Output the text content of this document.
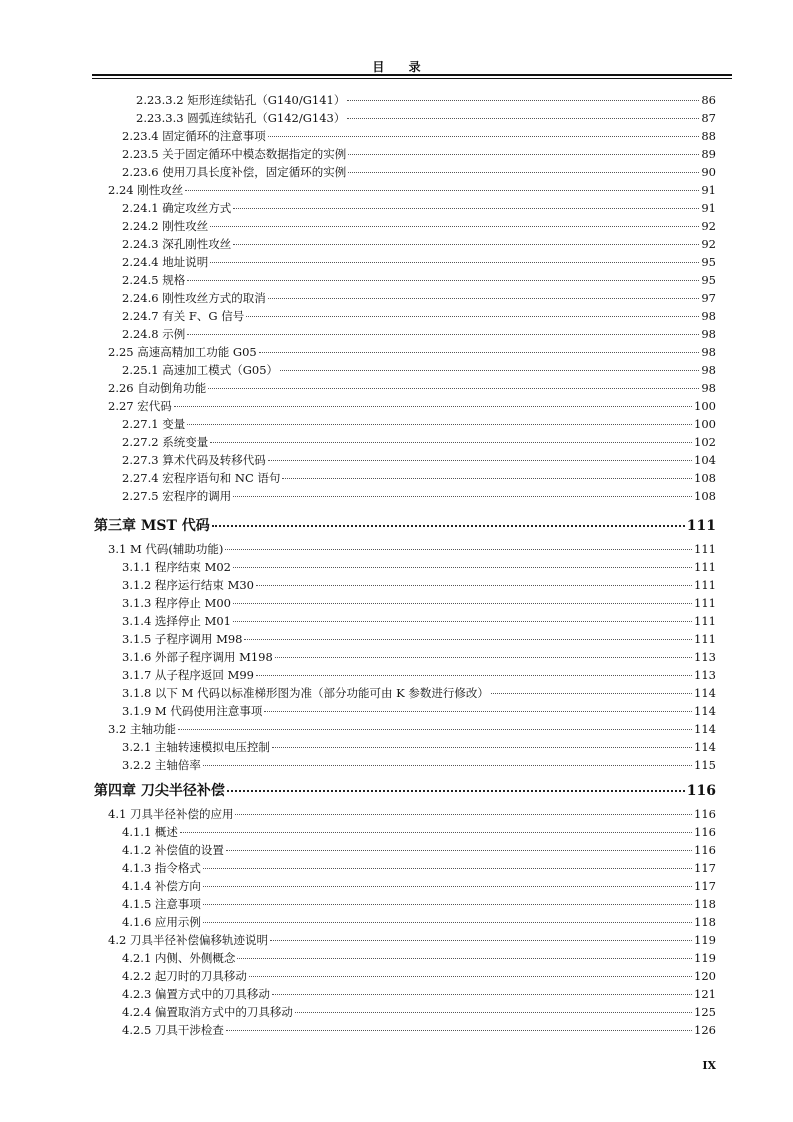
目 录
2.23.3.2 矩形连续钻孔（G140/G141）	86
2.23.3.3 圆弧连续钻孔（G142/G143）	87
2.23.4 固定循环的注意事项	88
2.23.5 关于固定循环中模态数据指定的实例	89
2.23.6 使用刀具长度补偿，固定循环的实例	90
2.24 刚性攻丝	91
2.24.1 确定攻丝方式	91
2.24.2 刚性攻丝	92
2.24.3 深孔刚性攻丝	92
2.24.4 地址说明	95
2.24.5 规格	95
2.24.6 刚性攻丝方式的取消	97
2.24.7 有关 F、G 信号	98
2.24.8 示例	98
2.25 高速高精加工功能 G05	98
2.25.1 高速加工模式（G05）	98
2.26 自动倒角功能	98
2.27 宏代码	100
2.27.1 变量	100
2.27.2 系统变量	102
2.27.3 算术代码及转移代码	104
2.27.4 宏程序语句和 NC 语句	108
2.27.5 宏程序的调用	108
第三章 MST 代码	111
3.1 M 代码(辅助功能)	111
3.1.1 程序结束 M02	111
3.1.2 程序运行结束 M30	111
3.1.3 程序停止 M00	111
3.1.4 选择停止 M01	111
3.1.5 子程序调用 M98	111
3.1.6 外部子程序调用 M198	113
3.1.7 从子程序返回 M99	113
3.1.8 以下 M 代码以标准梯形图为准（部分功能可由 K 参数进行修改）	114
3.1.9 M 代码使用注意事项	114
3.2 主轴功能	114
3.2.1 主轴转速模拟电压控制	114
3.2.2 主轴倍率	115
第四章 刀尖半径补偿	116
4.1 刀具半径补偿的应用	116
4.1.1 概述	116
4.1.2 补偿值的设置	116
4.1.3 指令格式	117
4.1.4 补偿方向	117
4.1.5 注意事项	118
4.1.6 应用示例	118
4.2 刀具半径补偿偏移轨迹说明	119
4.2.1 内侧、外侧概念	119
4.2.2 起刀时的刀具移动	120
4.2.3 偏置方式中的刀具移动	121
4.2.4 偏置取消方式中的刀具移动	125
4.2.5 刀具干涉检查	126
IX
